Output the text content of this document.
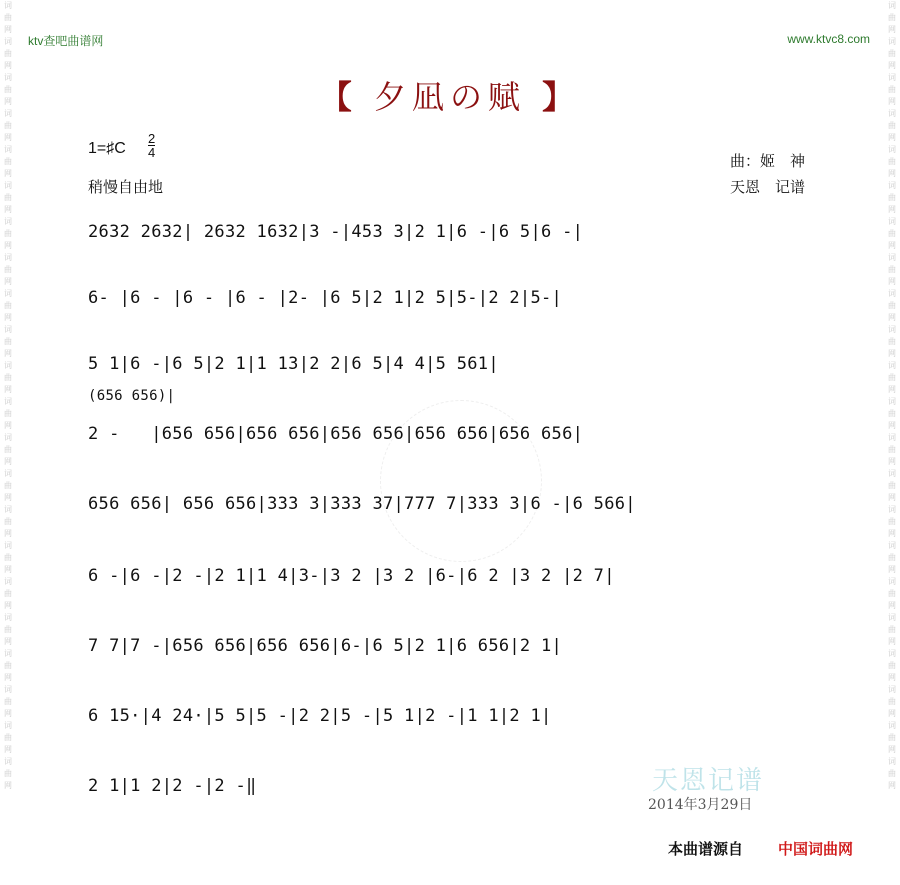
词曲网词曲网词曲网词曲网词曲网词曲网词曲网词曲网词曲网词曲网词曲网词曲网词曲网词曲网词曲网词曲网词曲网词曲网词曲网词曲网词曲网词曲网
词曲网词曲网词曲网词曲网词曲网词曲网词曲网词曲网词曲网词曲网词曲网词曲网词曲网词曲网词曲网词曲网词曲网词曲网词曲网词曲网词曲网词曲网
ktv查吧曲谱网	www.ktvc8.com
【 夕凪の赋 】
1=♯C
2
4
稍慢自由地
曲：姬　神
天恩　记谱
2632 2632| 2632 1632|3 -|453 3|2 1|6 -|6 5|6 -|
6- |6 - |6 - |6 - |2- |6 5|2 1|2 5|5-|2 2|5-|
5 1|6 -|6 5|2 1|1 13|2 2|6 5|4 4|5 561|
(656 656)|
2 -   |656 656|656 656|656 656|656 656|656 656|
656 656| 656 656|333 3|333 37|777 7|333 3|6 -|6 566|
6 -|6 -|2 -|2 1|1 4|3-|3 2 |3 2 |6-|6 2 |3 2 |2 7|
7 7|7 -|656 656|656 656|6-|6 5|2 1|6 656|2 1|
6 15·|4 24·|5 5|5 -|2 2|5 -|5 1|2 -|1 1|2 1|
2 1|1 2|2 -|2 -‖	天恩记谱
2014年3月29日
本曲谱源自 中国词曲网
